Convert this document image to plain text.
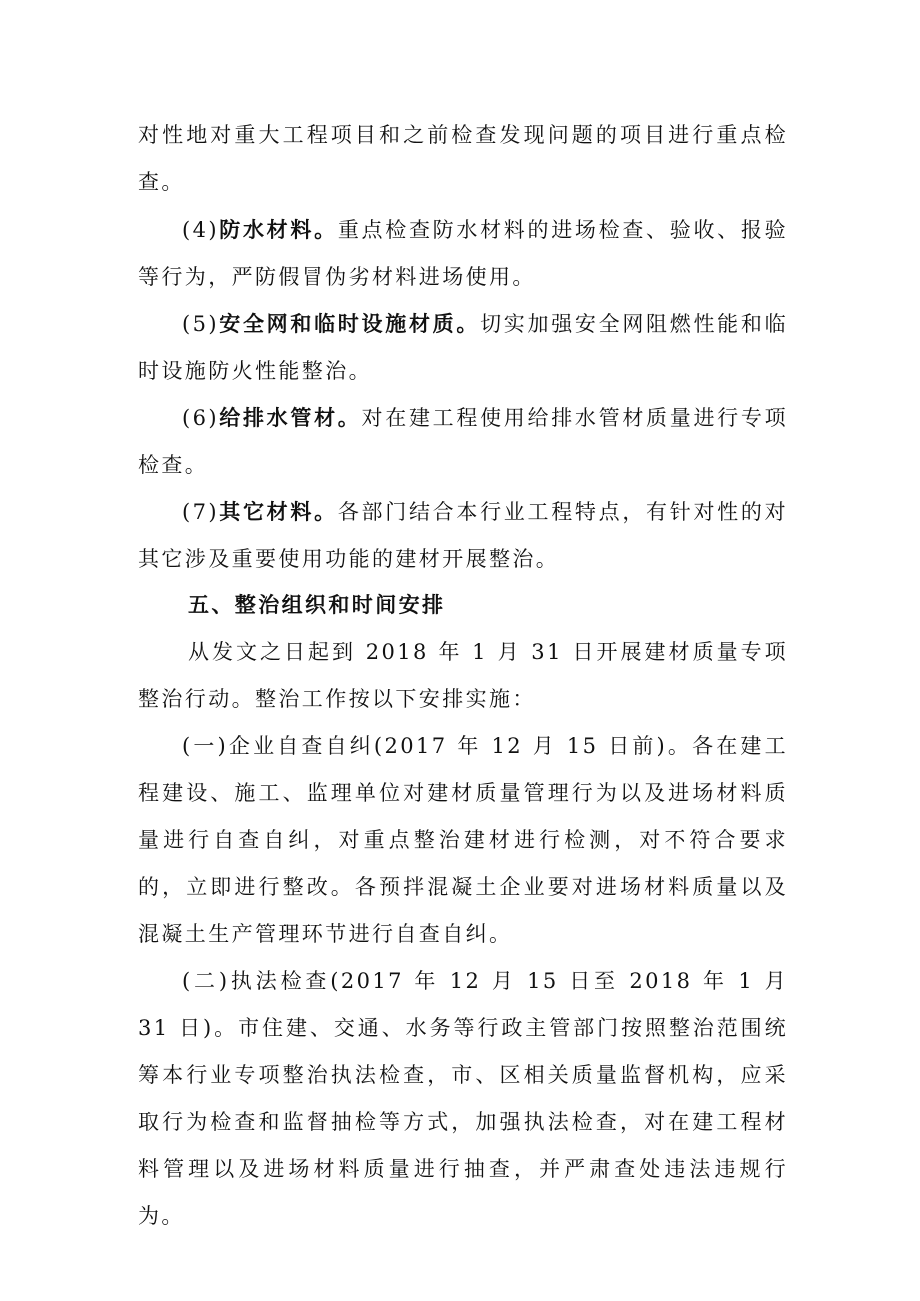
对性地对重大工程项目和之前检查发现问题的项目进行重点检查。

(4)防水材料。重点检查防水材料的进场检查、验收、报验等行为，严防假冒伪劣材料进场使用。

(5)安全网和临时设施材质。切实加强安全网阻燃性能和临时设施防火性能整治。

(6)给排水管材。对在建工程使用给排水管材质量进行专项检查。

(7)其它材料。各部门结合本行业工程特点，有针对性的对其它涉及重要使用功能的建材开展整治。

五、整治组织和时间安排

从发文之日起到 2018 年 1 月 31 日开展建材质量专项整治行动。整治工作按以下安排实施：

(一)企业自查自纠(2017 年 12 月 15 日前)。各在建工程建设、施工、监理单位对建材质量管理行为以及进场材料质量进行自查自纠，对重点整治建材进行检测，对不符合要求的，立即进行整改。各预拌混凝土企业要对进场材料质量以及混凝土生产管理环节进行自查自纠。

(二)执法检查(2017 年 12 月 15 日至 2018 年 1 月 31 日)。市住建、交通、水务等行政主管部门按照整治范围统筹本行业专项整治执法检查，市、区相关质量监督机构，应采取行为检查和监督抽检等方式，加强执法检查，对在建工程材料管理以及进场材料质量进行抽查，并严肃查处违法违规行为。
